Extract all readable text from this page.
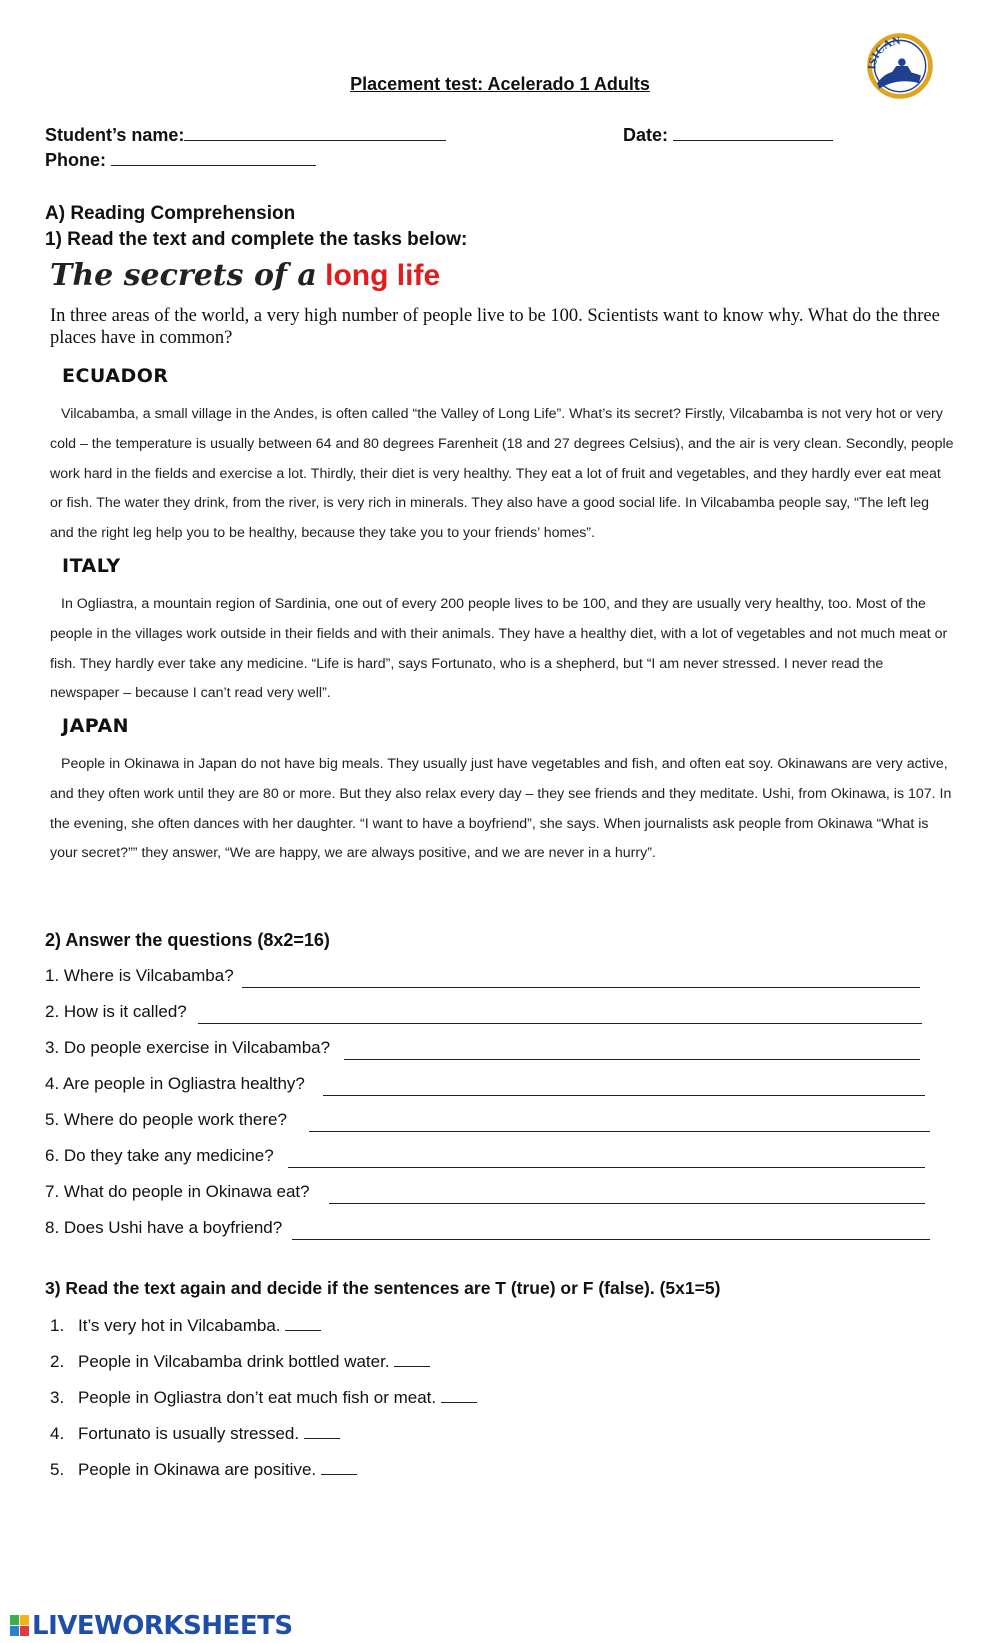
Placement test: Acelerado 1 Adults
ISICAN
Student’s name:	Date:
Phone:
A) Reading Comprehension
1) Read the text and complete the tasks below:
The secrets of a long life
In three areas of the world, a very high number of people live to be 100. Scientists want to know why. What do the three places have in common?
ECUADOR
Vilcabamba, a small village in the Andes, is often called “the Valley of Long Life”. What’s its secret? Firstly, Vilcabamba is not very hot or very cold – the temperature is usually between 64 and 80 degrees Farenheit (18 and 27 degrees Celsius), and the air is very clean. Secondly, people work hard in the fields and exercise a lot. Thirdly, their diet is very healthy. They eat a lot of fruit and vegetables, and they hardly ever eat meat or fish. The water they drink, from the river, is very rich in minerals. They also have a good social life. In Vilcabamba people say, “The left leg and the right leg help you to be healthy, because they take you to your friends’ homes”.
ITALY
In Ogliastra, a mountain region of Sardinia, one out of every 200 people lives to be 100, and they are usually very healthy, too. Most of the people in the villages work outside in their fields and with their animals. They have a healthy diet, with a lot of vegetables and not much meat or fish. They hardly ever take any medicine. “Life is hard”, says Fortunato, who is a shepherd, but “I am never stressed. I never read the newspaper – because I can’t read very well”.
JAPAN
People in Okinawa in Japan do not have big meals. They usually just have vegetables and fish, and often eat soy. Okinawans are very active, and they often work until they are 80 or more. But they also relax every day – they see friends and they meditate. Ushi, from Okinawa, is 107. In the evening, she often dances with her daughter. “I want to have a boyfriend”, she says. When journalists ask people from Okinawa “What is your secret?”” they answer, “We are happy, we are always positive, and we are never in a hurry”.
2) Answer the questions (8x2=16)
1. Where is Vilcabamba?
2. How is it called?
3. Do people exercise in Vilcabamba?
4. Are people in Ogliastra healthy?
5. Where do people work there?
6. Do they take any medicine?
7. What do people in Okinawa eat?
8. Does Ushi have a boyfriend?
3) Read the text again and decide if the sentences are T (true) or F (false). (5x1=5)
1. It’s very hot in Vilcabamba.
2. People in Vilcabamba drink bottled water.
3. People in Ogliastra don’t eat much fish or meat.
4. Fortunato is usually stressed.
5. People in Okinawa are positive.
LIVEWORKSHEETS
